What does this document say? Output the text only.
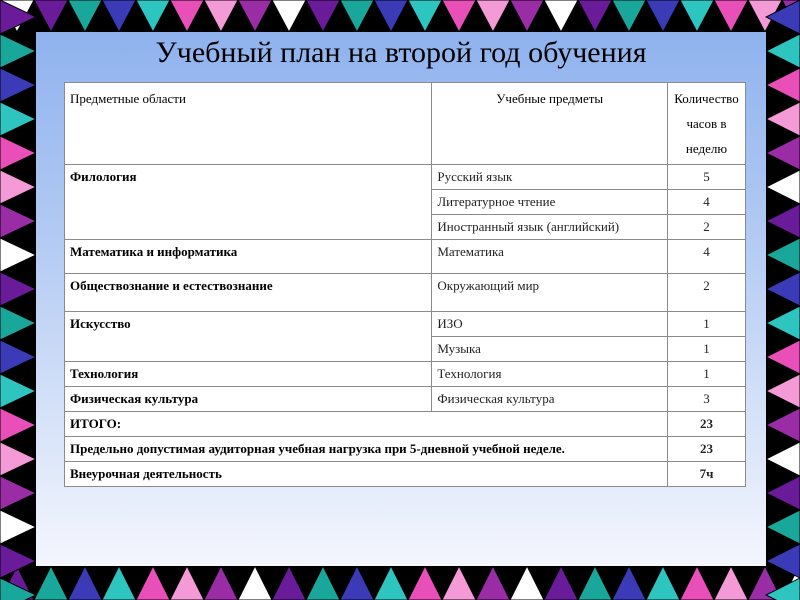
Учебный план на второй год обучения
Предметные области	Учебные предметы	Количество часов в неделю
Филология	Русский язык	5
	Литературное чтение	4
	Иностранный язык (английский)	2
Математика и информатика	Математика	4
Обществознание и естествознание	Окружающий мир	2
Искусство	ИЗО	1
	Музыка	1
Технология	Технология	1
Физическая культура	Физическая культура	3
ИТОГО:		23
Предельно допустимая аудиторная учебная нагрузка при 5-дневной учебной неделе.		23
Внеурочная деятельность		7ч
